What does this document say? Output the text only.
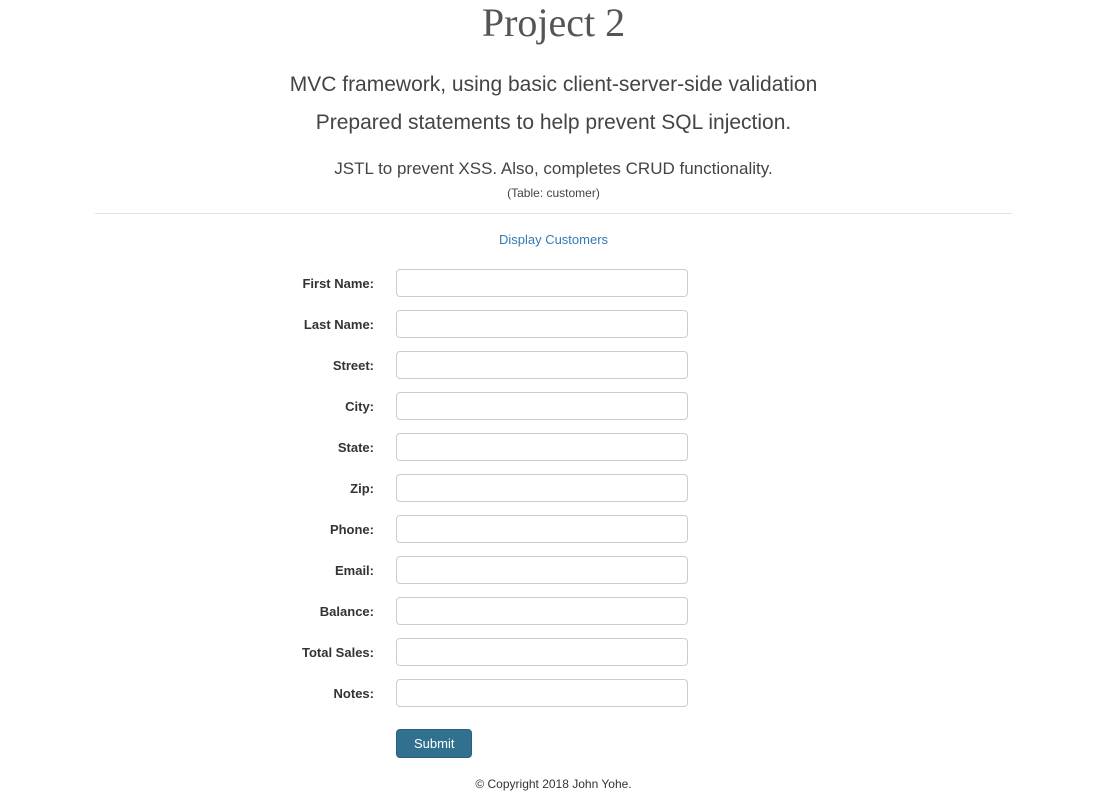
Project 2
MVC framework, using basic client-server-side validation
Prepared statements to help prevent SQL injection.
JSTL to prevent XSS. Also, completes CRUD functionality.
(Table: customer)
Display Customers
First Name:
Last Name:
Street:
City:
State:
Zip:
Phone:
Email:
Balance:
Total Sales:
Notes:
Submit
© Copyright 2018 John Yohe.
